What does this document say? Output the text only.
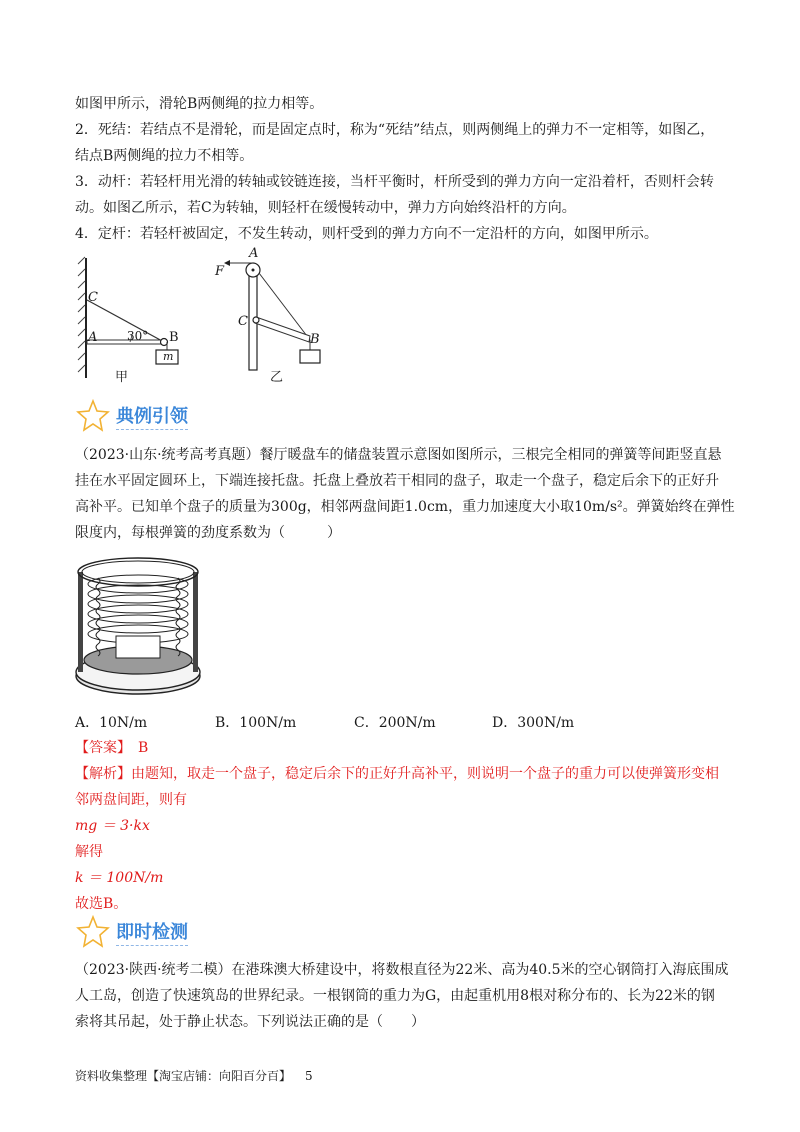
如图甲所示，滑轮B两侧绳的拉力相等。
2．死结：若结点不是滑轮，而是固定点时，称为“死结”结点，则两侧绳上的弹力不一定相等，如图乙，
结点B两侧绳的拉力不相等。
3．动杆：若轻杆用光滑的转轴或铰链连接，当杆平衡时，杆所受到的弹力方向一定沿着杆，否则杆会转
动。如图乙所示，若C为转轴，则轻杆在缓慢转动中，弹力方向始终沿杆的方向。
4．定杆：若轻杆被固定，不发生转动，则杆受到的弹力方向不一定沿杆的方向，如图甲所示。
C
A	B
30°
m
甲
A
F
C
B
乙
典例引领
（2023·山东·统考高考真题）餐厅暖盘车的储盘装置示意图如图所示，三根完全相同的弹簧等间距竖直悬
挂在水平固定圆环上，下端连接托盘。托盘上叠放若干相同的盘子，取走一个盘子，稳定后余下的正好升
高补平。已知单个盘子的质量为300g，相邻两盘间距1.0cm，重力加速度大小取10m/s²。弹簧始终在弹性
限度内，每根弹簧的劲度系数为（　　　）
A．10N/m	B．100N/m	C．200N/m	D．300N/m
【答案】　B
【解析】由题知，取走一个盘子，稳定后余下的正好升高补平，则说明一个盘子的重力可以使弹簧形变相
邻两盘间距，则有
mg ＝ 3·kx
解得
k ＝ 100N/m
故选B。
即时检测
（2023·陕西·统考二模）在港珠澳大桥建设中，将数根直径为22米、高为40.5米的空心钢筒打入海底围成
人工岛，创造了快速筑岛的世界纪录。一根钢筒的重力为G，由起重机用8根对称分布的、长为22米的钢
索将其吊起，处于静止状态。下列说法正确的是（　　）
资料收集整理【淘宝店铺：向阳百分百】 5
